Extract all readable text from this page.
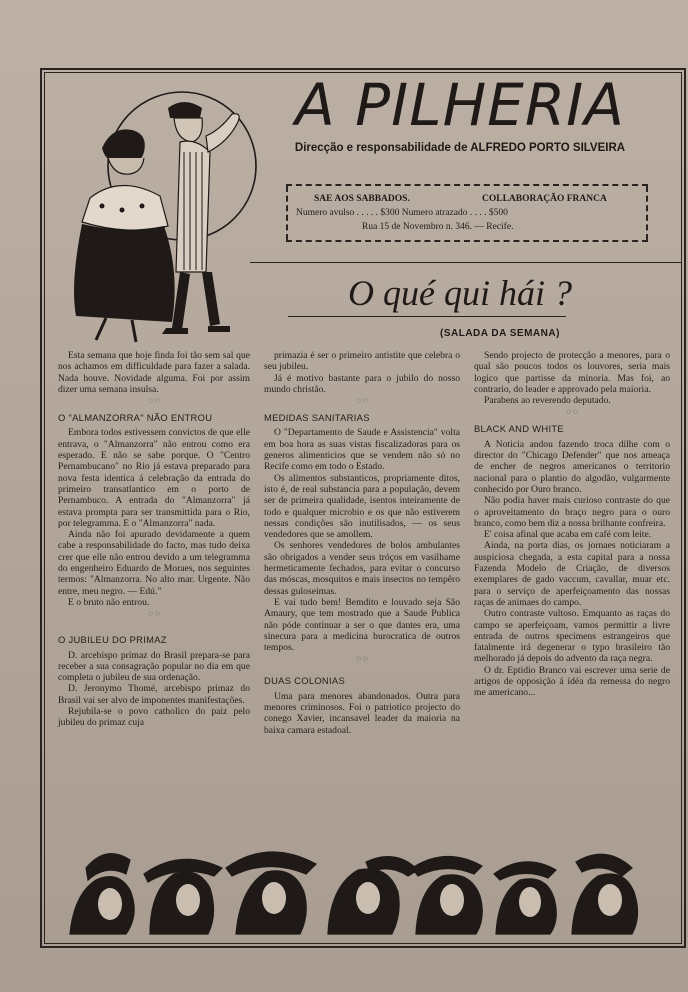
A PILHERIA
Direcção e responsabilidade de ALFREDO PORTO SILVEIRA
SAE AOS SABBADOS.	COLLABORAÇÃO FRANCA
Numero avulso . . . . . $300 Numero atrazado . . . . $500
Rua 15 de Novembro n. 346. — Recife.
O qué qui hái ?
(SALADA DA SEMANA)

Esta semana que hoje finda foi tão sem sal que nos achamos em difficuldade para fazer a salada. Nada houve. Novidade alguma. Foi por assim dizer uma semana insulsa.

◌ ◌
O "ALMANZORRA" NÃO ENTROU

Embora todos estivessem convictos de que elle entrava, o "Almanzorra" não entrou como era esperado. E não se sabe porque. O "Centro Pernambucano" no Rio já estava preparado para nova festa identica á celebração da entrada do primeiro transatlantico em o porto de Pernambuco. A entrada do "Almanzorra" já estava prompta para ser transmittida para o Rio, por telegramma. E o "Almanzorra" nada.

Ainda não foi apurado devidamente a quem cabe a responsabilidade do facto, mas tudo deixa crer que elle não entrou devido a um telegramma do engenheiro Eduardo de Moraes, nos seguintes termos: "Almanzorra. No alto mar. Urgente. Não entre, meu negro. — Edú."

E o bruto não entrou.

◌ ◌
O JUBILEU DO PRIMAZ

D. arcebispo primaz do Brasil prepara-se para receber a sua consagração popular no dia em que completa o jubileu de sua ordenação.

D. Jeronymo Thomé, arcebispo primaz do Brasil vai ser alvo de imponentes manifestações.

Rejubila-se o povo catholico do paiz pelo jubileu do primaz cuja

primazia é ser o primeiro antistite que celebra o seu jubileu.

Já é motivo bastante para o jubilo do nosso mundo christão.

◌ ◌
MEDIDAS SANITARIAS

O "Departamento de Saude e Assistencia" volta em boa hora as suas vistas fiscalizadoras para os generos alimenticios que se vendem não só no Recife como em todo o Estado.

Os alimentos substanticos, propriamente ditos, isto é, de real substancia para a população, devem ser de primeira qualidade, isentos inteiramente de todo e qualquer microbio e os que não estiverem nessas condições são inutilisados, — os seus vendedores que se amollem.

Os senhores vendedores de bolos ambulantes são obrigados a vender seus tróços em vasilhame hermeticamente fechados, para evitar o concurso das móscas, mosquitos e mais insectos no tempêro dessas guloseimas.

E vai tudo bem! Bemdito e louvado seja São Amaury, que tem mostrado que a Saude Publica não póde continuar a ser o que dantes era, uma sinecura para a medicina burocratica de outros tempos.

◌ ◌
DUAS COLONIAS

Uma para menores abandonados. Outra para menores criminosos. Foi o patriotico projecto do conego Xavier, incansavel leader da maioria na baixa camara estadoal.

Sendo projecto de protecção a menores, para o qual são poucos todos os louvores, seria mais logico que partisse da minoria. Mas foi, ao contrario, do leader e approvado pela maioria.

Parabens ao reverendo deputado.

◌ ◌
BLACK AND WHITE

A Noticia andou fazendo troca dilhe com o director do "Chicago Defender" que nos ameaça de encher de negros americanos o territorio nacional para o plantio do algodão, vulgarmente conhecido por Ouro branco.

Não podia haver mais curioso contraste do que o aproveitamento do braço negro para o ouro branco, como bem diz a nossa brilhante confreira.

E' coisa afinal que acaba em café com leite.

Ainda, na porta dias, os jornaes noticiaram a auspiciosa chegada, a esta capital para a nossa Fazenda Modelo de Criação, de diversos exemplares de gado vaccum, cavallar, muar etc. para o serviço de aperfeiçoamento das nossas raças de animaes do campo.

Outro contraste vultoso. Emquanto as raças do campo se aperfeiçoam, vamos permittir a livre entrada de outros specimens estrangeiros que fatalmente irá degenerar o typo brasileiro tão melhorado já depois do advento da raça negra.

O dr. Eptidio Branco vai escrever uma serie de artigos de opposição á idéa da remessa do negro me americano...
